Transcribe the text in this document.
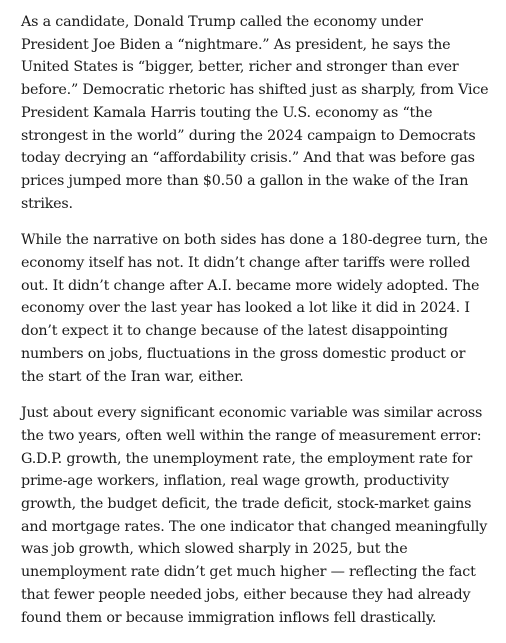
As a candidate, Donald Trump called the economy under President Joe Biden a “nightmare.” As president, he says the United States is “bigger, better, richer and stronger than ever before.” Democratic rhetoric has shifted just as sharply, from Vice President Kamala Harris touting the U.S. economy as “the strongest in the world” during the 2024 campaign to Democrats today decrying an “affordability crisis.” And that was before gas prices jumped more than $0.50 a gallon in the wake of the Iran strikes.

While the narrative on both sides has done a 180-degree turn, the economy itself has not. It didn’t change after tariffs were rolled out. It didn’t change after A.I. became more widely adopted. The economy over the last year has looked a lot like it did in 2024. I don’t expect it to change because of the latest disappointing numbers on jobs, fluctuations in the gross domestic product or the start of the Iran war, either.

Just about every significant economic variable was similar across the two years, often well within the range of measurement error: G.D.P. growth, the unemployment rate, the employment rate for prime-age workers, inflation, real wage growth, productivity growth, the budget deficit, the trade deficit, stock-market gains and mortgage rates. The one indicator that changed meaningfully was job growth, which slowed sharply in 2025, but the unemployment rate didn’t get much higher — reflecting the fact that fewer people needed jobs, either because they had already found them or because immigration inflows fell drastically.
